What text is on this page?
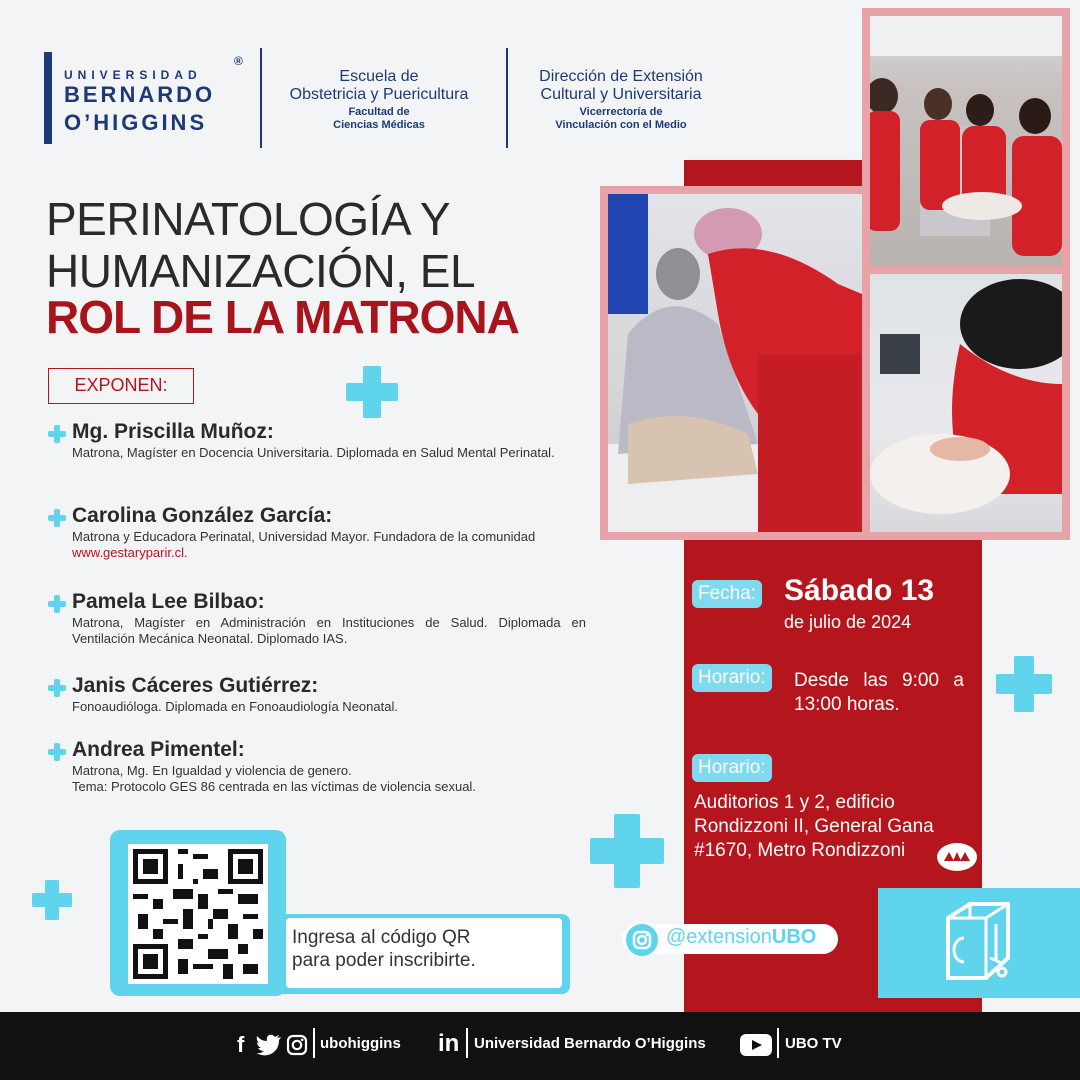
UNIVERSIDAD
BERNARDO
O’HIGGINS
®
Escuela de
Obstetricia y Puericultura
Facultad de
Ciencias Médicas
Dirección de Extensión
Cultural y Universitaria
Vicerrectoría de
Vinculación con el Medio
PERINATOLOGÍA Y
HUMANIZACIÓN, EL
ROL DE LA MATRONA
EXPONEN:
Mg. Priscilla Muñoz:
Matrona, Magíster en Docencia Universitaria. Diplomada en Salud Mental Perinatal.
Carolina González García:
Matrona y Educadora Perinatal, Universidad Mayor. Fundadora de la comunidad www.gestaryparir.cl.
Pamela Lee Bilbao:
Matrona, Magíster en Administración en Instituciones de Salud. Diplomada en Ventilación Mecánica Neonatal. Diplomado IAS.
Janis Cáceres Gutiérrez:
Fonoaudióloga. Diplomada en Fonoaudiología Neonatal.
Andrea Pimentel:
Matrona, Mg. En Igualdad y violencia de genero.
Tema: Protocolo GES 86 centrada en las víctimas de violencia sexual.
Fecha: Sábado 13
de julio de 2024
Horario:	Desde las 9:00 a
13:00 horas.
Horario:
Auditorios 1 y 2, edificio
Rondizzoni II, General Gana
#1670, Metro Rondizzoni
@extensionUBO
Ingresa al código QR
para poder inscribirte.
f	ubohiggins in Universidad Bernardo O’Higgins	UBO TV
